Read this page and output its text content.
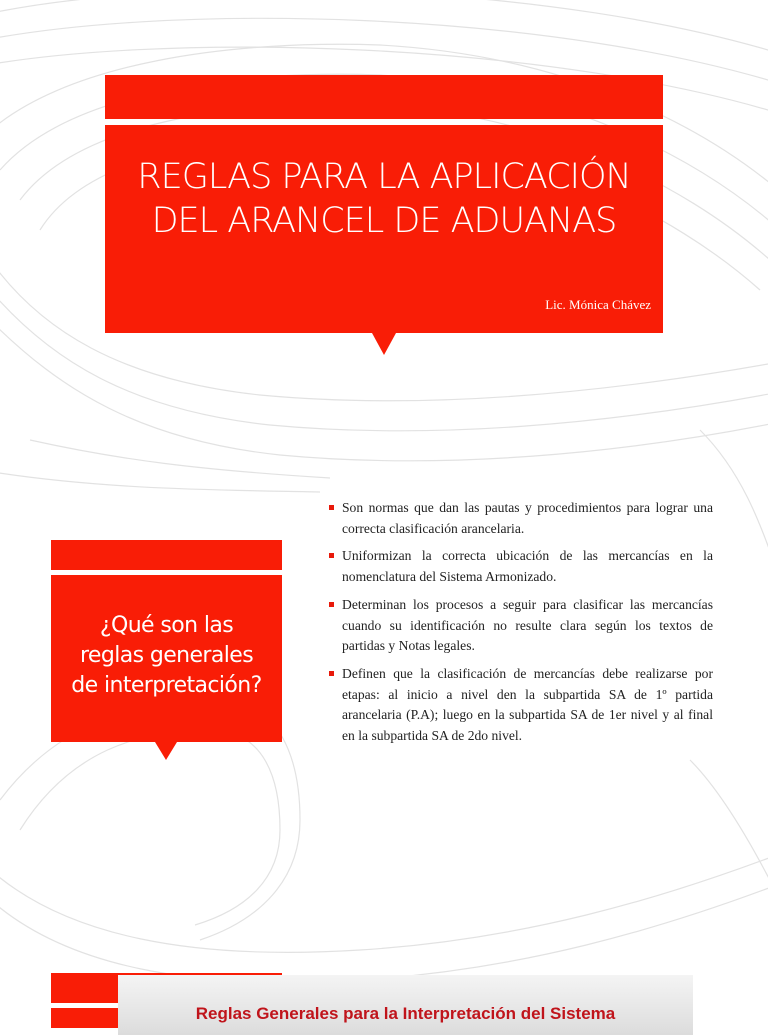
REGLAS PARA LA APLICACIÓN
DEL ARANCEL DE ADUANAS
Lic. Mónica Chávez
¿Qué son las
reglas generales
de interpretación?
Son normas que dan las pautas y procedimientos para lograr una correcta clasificación arancelaria.
Uniformizan la correcta ubicación de las mercancías en la nomenclatura del Sistema Armonizado.
Determinan los procesos a seguir para clasificar las mercancías cuando su identificación no resulte clara según los textos de partidas y Notas legales.
Definen que la clasificación de mercancías debe realizarse por etapas: al inicio a nivel den la subpartida SA de 1º partida arancelaria (P.A); luego en la subpartida SA de 1er nivel y al final en la subpartida SA de 2do nivel.
Reglas Generales para la Interpretación del Sistema
